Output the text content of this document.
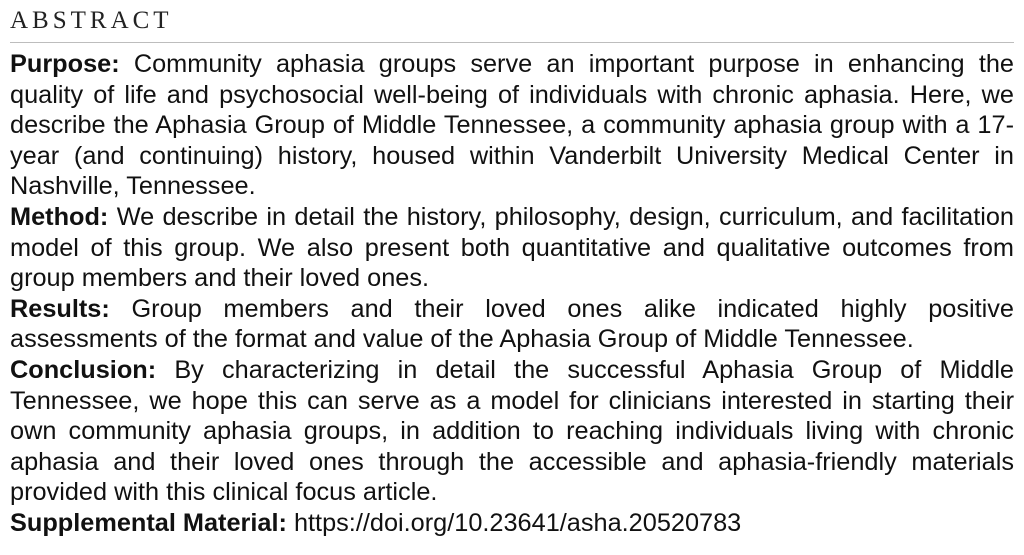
ABSTRACT

Purpose: Community aphasia groups serve an important purpose in enhancing the quality of life and psychosocial well-being of individuals with chronic aphasia. Here, we describe the Aphasia Group of Middle Tennessee, a community aphasia group with a 17-year (and continuing) history, housed within Vanderbilt University Medical Center in Nashville, Tennessee.

Method: We describe in detail the history, philosophy, design, curriculum, and facilitation model of this group. We also present both quantitative and qualitative outcomes from group members and their loved ones.

Results: Group members and their loved ones alike indicated highly positive assessments of the format and value of the Aphasia Group of Middle Tennessee.

Conclusion: By characterizing in detail the successful Aphasia Group of Middle Tennessee, we hope this can serve as a model for clinicians interested in starting their own community aphasia groups, in addition to reaching individuals living with chronic aphasia and their loved ones through the accessible and aphasia-friendly materials provided with this clinical focus article.

Supplemental Material: https://doi.org/10.23641/asha.20520783
